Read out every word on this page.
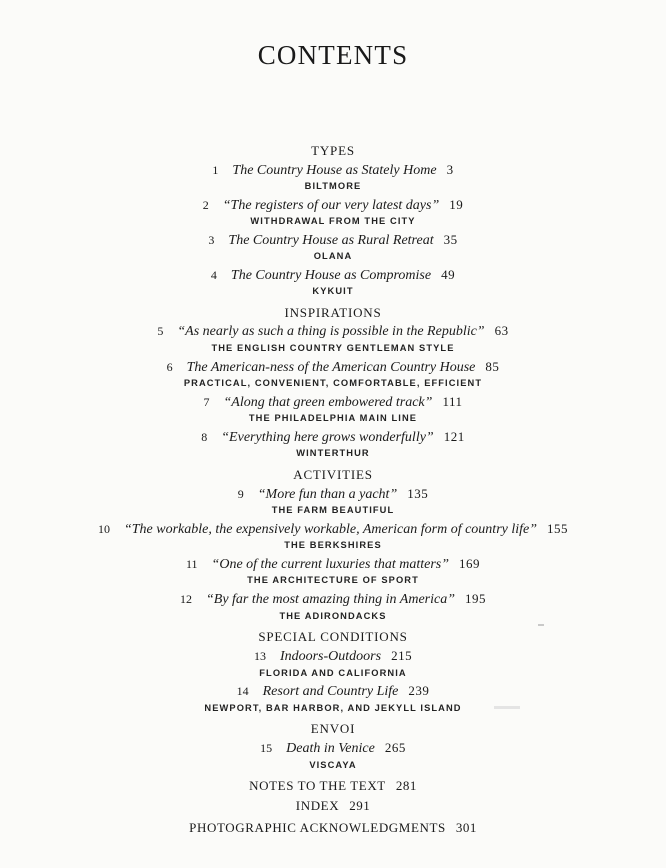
CONTENTS
TYPES
1 The Country House as Stately Home 3
BILTMORE
2 “The registers of our very latest days” 19
WITHDRAWAL FROM THE CITY
3 The Country House as Rural Retreat 35
OLANA
4 The Country House as Compromise 49
KYKUIT
INSPIRATIONS
5 “As nearly as such a thing is possible in the Republic” 63
THE ENGLISH COUNTRY GENTLEMAN STYLE
6 The American-ness of the American Country House 85
PRACTICAL, CONVENIENT, COMFORTABLE, EFFICIENT
7 “Along that green embowered track” 111
THE PHILADELPHIA MAIN LINE
8 “Everything here grows wonderfully” 121
WINTERTHUR
ACTIVITIES
9 “More fun than a yacht” 135
THE FARM BEAUTIFUL
10 “The workable, the expensively workable, American form of country life” 155
THE BERKSHIRES
11 “One of the current luxuries that matters” 169
THE ARCHITECTURE OF SPORT
12 “By far the most amazing thing in America” 195
THE ADIRONDACKS
SPECIAL CONDITIONS
13 Indoors-Outdoors 215
FLORIDA AND CALIFORNIA
14 Resort and Country Life 239
NEWPORT, BAR HARBOR, AND JEKYLL ISLAND
ENVOI
15 Death in Venice 265
VISCAYA
NOTES TO THE TEXT 281
INDEX 291
PHOTOGRAPHIC ACKNOWLEDGMENTS 301
